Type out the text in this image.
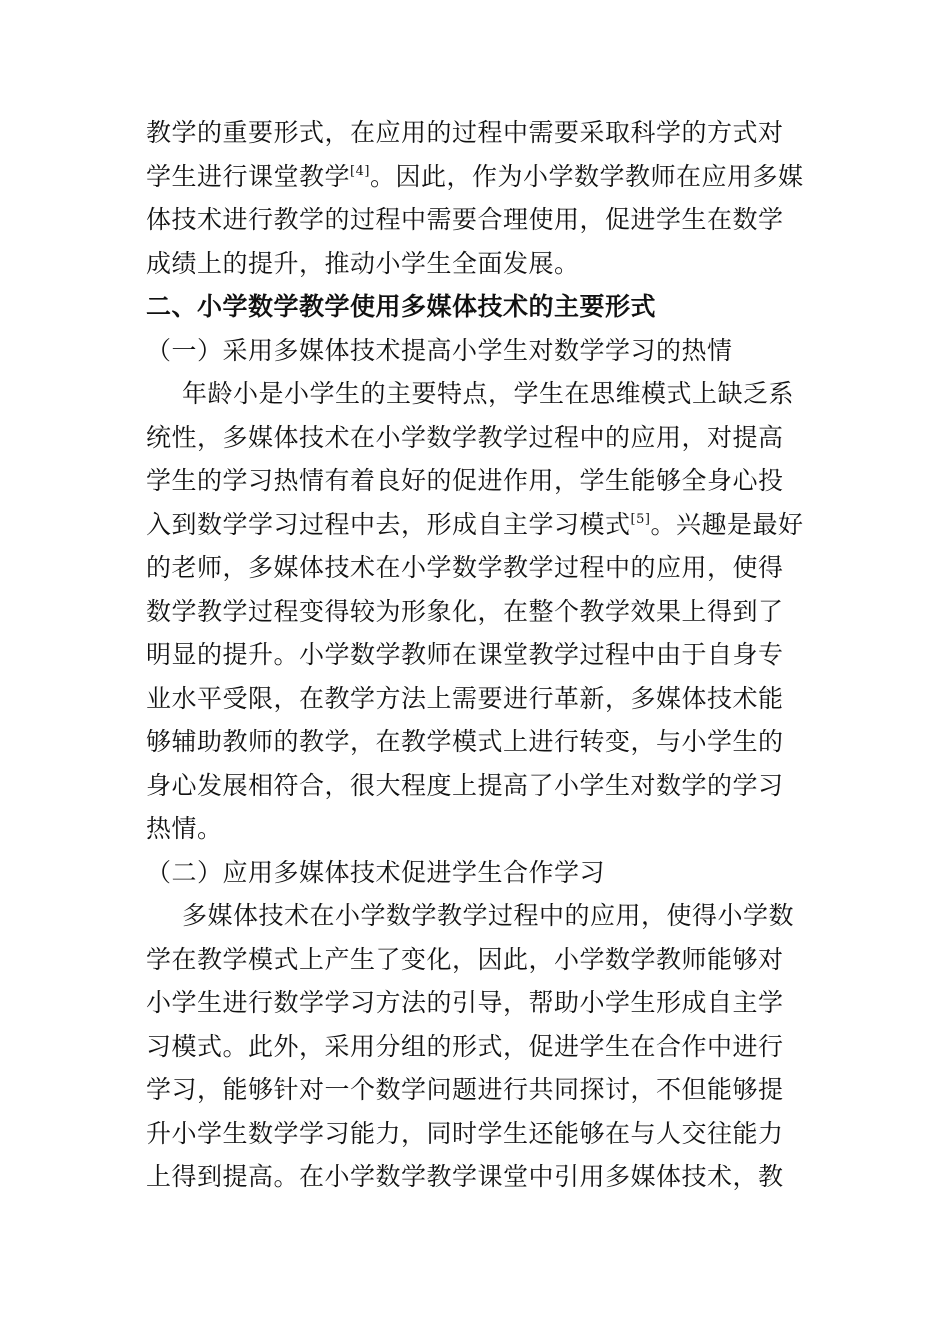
教学的重要形式，在应用的过程中需要采取科学的方式对
学生进行课堂教学[4]。因此，作为小学数学教师在应用多媒
体技术进行教学的过程中需要合理使用，促进学生在数学
成绩上的提升，推动小学生全面发展。
二、小学数学教学使用多媒体技术的主要形式
（一）采用多媒体技术提高小学生对数学学习的热情
年龄小是小学生的主要特点，学生在思维模式上缺乏系
统性，多媒体技术在小学数学教学过程中的应用，对提高
学生的学习热情有着良好的促进作用，学生能够全身心投
入到数学学习过程中去，形成自主学习模式[5]。兴趣是最好
的老师，多媒体技术在小学数学教学过程中的应用，使得
数学教学过程变得较为形象化，在整个教学效果上得到了
明显的提升。小学数学教师在课堂教学过程中由于自身专
业水平受限，在教学方法上需要进行革新，多媒体技术能
够辅助教师的教学，在教学模式上进行转变，与小学生的
身心发展相符合，很大程度上提高了小学生对数学的学习
热情。
（二）应用多媒体技术促进学生合作学习
多媒体技术在小学数学教学过程中的应用，使得小学数
学在教学模式上产生了变化，因此，小学数学教师能够对
小学生进行数学学习方法的引导，帮助小学生形成自主学
习模式。此外，采用分组的形式，促进学生在合作中进行
学习，能够针对一个数学问题进行共同探讨，不但能够提
升小学生数学学习能力，同时学生还能够在与人交往能力
上得到提高。在小学数学教学课堂中引用多媒体技术，教
